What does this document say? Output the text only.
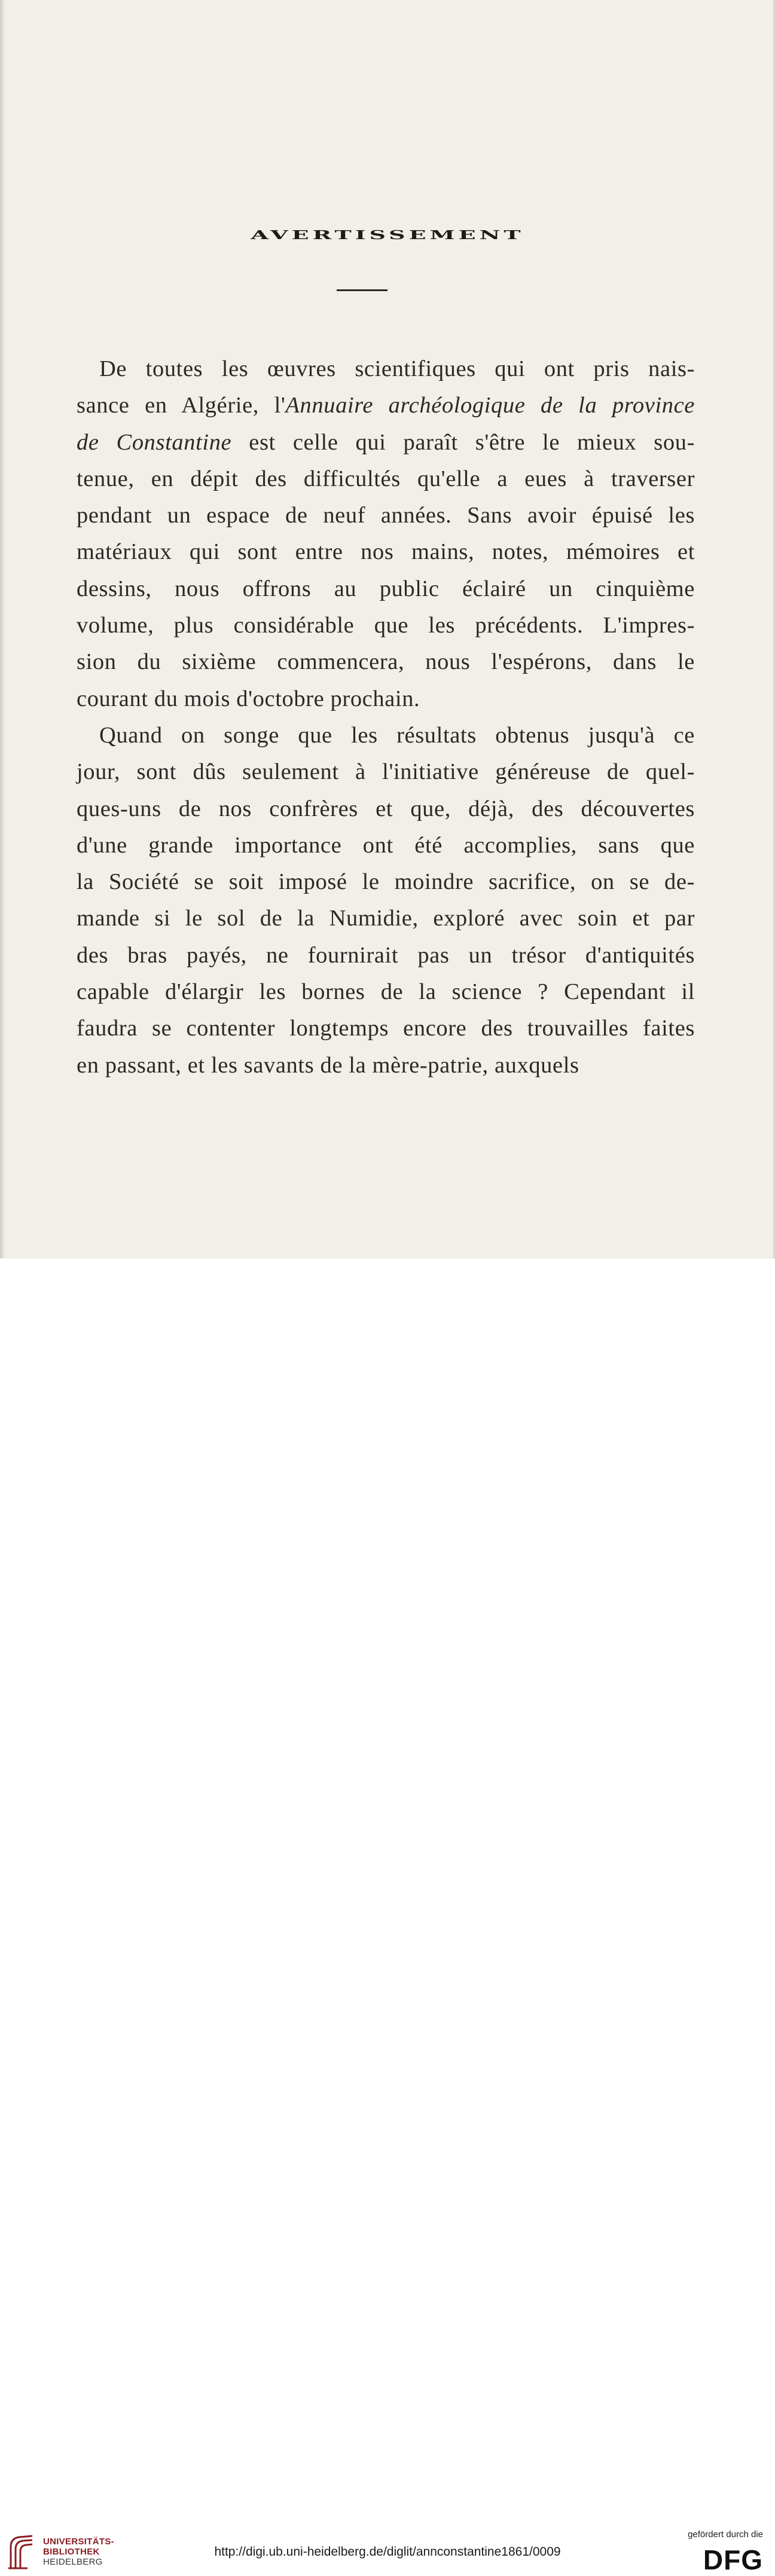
AVERTISSEMENT

De toutes les œuvres scientifiques qui ont pris nais-
sance en Algérie, l'Annuaire archéologique de la province
de Constantine est celle qui paraît s'être le mieux sou-
tenue, en dépit des difficultés qu'elle a eues à traverser
pendant un espace de neuf années. Sans avoir épuisé les
matériaux qui sont entre nos mains, notes, mémoires et
dessins, nous offrons au public éclairé un cinquième
volume, plus considérable que les précédents. L'impres-
sion du sixième commencera, nous l'espérons, dans le
courant du mois d'octobre prochain.

Quand on songe que les résultats obtenus jusqu'à ce
jour, sont dûs seulement à l'initiative généreuse de quel-
ques-uns de nos confrères et que, déjà, des découvertes
d'une grande importance ont été accomplies, sans que
la Société se soit imposé le moindre sacrifice, on se de-
mande si le sol de la Numidie, exploré avec soin et par
des bras payés, ne fournirait pas un trésor d'antiquités
capable d'élargir les bornes de la science ? Cependant il
faudra se contenter longtemps encore des trouvailles faites
en passant, et les savants de la mère-patrie, auxquels

UNIVERSITÄTS-
BIBLIOTHEK
HEIDELBERG
http://digi.ub.uni-heidelberg.de/diglit/annconstantine1861/0009
gefördert durch die
DFG
